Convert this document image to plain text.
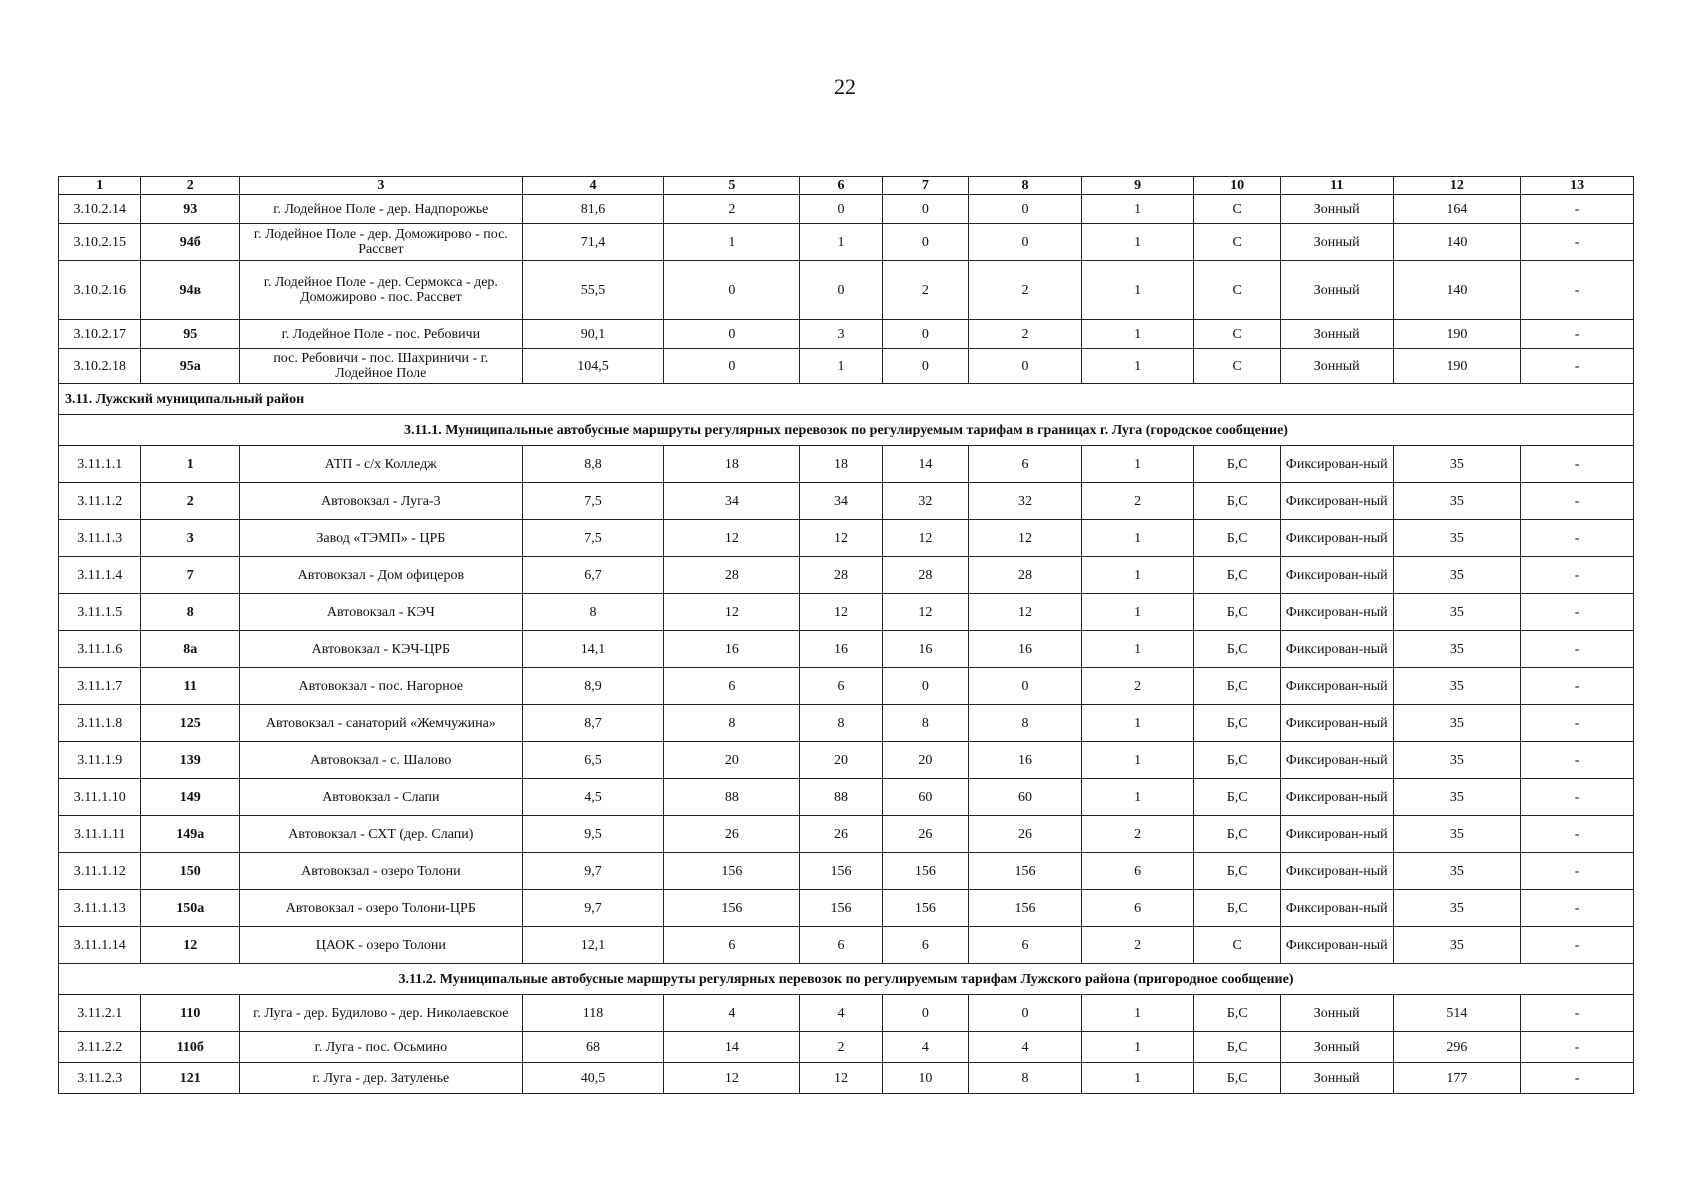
22
1	2	3	4	5	6	7	8	9	10	11	12	13
3.10.2.14	93	г. Лодейное Поле - дер. Надпорожье	81,6	2	0	0	0	1	С	Зонный	164	-
3.10.2.15	94б	г. Лодейное Поле - дер. Доможирово - пос. Рассвет	71,4	1	1	0	0	1	С	Зонный	140	-
3.10.2.16	94в	г. Лодейное Поле - дер. Сермокса - дер. Доможирово - пос. Рассвет	55,5	0	0	2	2	1	С	Зонный	140	-
3.10.2.17	95	г. Лодейное Поле - пос. Ребовичи	90,1	0	3	0	2	1	С	Зонный	190	-
3.10.2.18	95а	пос. Ребовичи - пос. Шахриничи - г. Лодейное Поле	104,5	0	1	0	0	1	С	Зонный	190	-
3.11. Лужский муниципальный район												
3.11.1. Муниципальные автобусные маршруты регулярных перевозок по регулируемым тарифам в границах г. Луга (городское сообщение)												
3.11.1.1	1	АТП - с/х Колледж	8,8	18	18	14	6	1	Б,С	Фиксирован-ный	35	-
3.11.1.2	2	Автовокзал - Луга-3	7,5	34	34	32	32	2	Б,С	Фиксирован-ный	35	-
3.11.1.3	3	Завод «ТЭМП» - ЦРБ	7,5	12	12	12	12	1	Б,С	Фиксирован-ный	35	-
3.11.1.4	7	Автовокзал - Дом офицеров	6,7	28	28	28	28	1	Б,С	Фиксирован-ный	35	-
3.11.1.5	8	Автовокзал - КЭЧ	8	12	12	12	12	1	Б,С	Фиксирован-ный	35	-
3.11.1.6	8а	Автовокзал - КЭЧ-ЦРБ	14,1	16	16	16	16	1	Б,С	Фиксирован-ный	35	-
3.11.1.7	11	Автовокзал - пос. Нагорное	8,9	6	6	0	0	2	Б,С	Фиксирован-ный	35	-
3.11.1.8	125	Автовокзал - санаторий «Жемчужина»	8,7	8	8	8	8	1	Б,С	Фиксирован-ный	35	-
3.11.1.9	139	Автовокзал - с. Шалово	6,5	20	20	20	16	1	Б,С	Фиксирован-ный	35	-
3.11.1.10	149	Автовокзал - Слапи	4,5	88	88	60	60	1	Б,С	Фиксирован-ный	35	-
3.11.1.11	149а	Автовокзал - СХТ (дер. Слапи)	9,5	26	26	26	26	2	Б,С	Фиксирован-ный	35	-
3.11.1.12	150	Автовокзал - озеро Толони	9,7	156	156	156	156	6	Б,С	Фиксирован-ный	35	-
3.11.1.13	150а	Автовокзал - озеро Толони-ЦРБ	9,7	156	156	156	156	6	Б,С	Фиксирован-ный	35	-
3.11.1.14	12	ЦАОК - озеро Толони	12,1	6	6	6	6	2	С	Фиксирован-ный	35	-
3.11.2. Муниципальные автобусные маршруты регулярных перевозок по регулируемым тарифам Лужского района (пригородное сообщение)												
3.11.2.1	110	г. Луга - дер. Будилово - дер. Николаевское	118	4	4	0	0	1	Б,С	Зонный	514	-
3.11.2.2	110б	г. Луга - пос. Осьмино	68	14	2	4	4	1	Б,С	Зонный	296	-
3.11.2.3	121	г. Луга - дер. Затуленье	40,5	12	12	10	8	1	Б,С	Зонный	177	-
